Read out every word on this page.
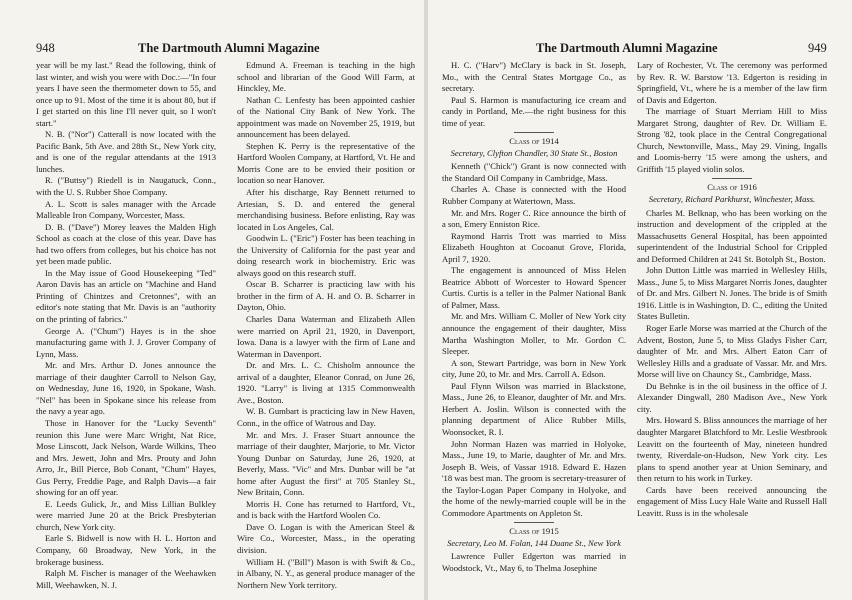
948	The Dartmouth Alumni Magazine

year will be my last." Read the following, think of last winter, and wish you were with Doc.:—"In four years I have seen the thermometer down to 55, and once up to 91. Most of the time it is about 80, but if I get started on this line I'll never quit, so I won't start."

N. B. ("Nor") Catterall is now located with the Pacific Bank, 5th Ave. and 28th St., New York city, and is one of the regular attendants at the 1913 lunches.

R. ("Buttsy") Riedell is in Naugatuck, Conn., with the U. S. Rubber Shoe Company.

A. L. Scott is sales manager with the Arcade Malleable Iron Company, Worcester, Mass.

D. B. ("Dave") Morey leaves the Malden High School as coach at the close of this year. Dave has had two offers from colleges, but his choice has not yet been made public.

In the May issue of Good Housekeeping "Ted" Aaron Davis has an article on "Machine and Hand Printing of Chintzes and Cretonnes", with an editor's note stating that Mr. Davis is an "authority on the printing of fabrics."

George A. ("Chum") Hayes is in the shoe manufacturing game with J. J. Grover Company of Lynn, Mass.

Mr. and Mrs. Arthur D. Jones announce the marriage of their daughter Carroll to Nelson Gay, on Wednesday, June 16, 1920, in Spokane, Wash. "Nel" has been in Spokane since his release from the navy a year ago.

Those in Hanover for the "Lucky Seventh" reunion this June were Marc Wright, Nat Rice, Mose Linscott, Jack Nelson, Warde Wilkins, Theo and Mrs. Jewett, John and Mrs. Prouty and John Arro, Jr., Bill Pierce, Bob Conant, "Chum" Hayes, Gus Perry, Freddie Page, and Ralph Davis—a fair showing for an off year.

E. Leeds Gulick, Jr., and Miss Lillian Bulkley were married June 20 at the Brick Presbyterian church, New York city.

Earle S. Bidwell is now with H. L. Horton and Company, 60 Broadway, New York, in the brokerage business.

Ralph M. Fischer is manager of the Weehawken Mill, Weehawken, N. J.

Edmund A. Freeman is teaching in the high school and librarian of the Good Will Farm, at Hinckley, Me.

Nathan C. Lenfesty has been appointed cashier of the National City Bank of New York. The appointment was made on November 25, 1919, but announcement has been delayed.

Stephen K. Perry is the representative of the Hartford Woolen Company, at Hartford, Vt. He and Morris Cone are to be envied their position or location so near Hanover.

After his discharge, Ray Bennett returned to Artesian, S. D. and entered the general merchandising business. Before enlisting, Ray was located in Los Angeles, Cal.

Goodwin L. ("Eric") Foster has been teaching in the University of California for the past year and doing research work in biochemistry. Eric was always good on this research stuff.

Oscar B. Scharrer is practicing law with his brother in the firm of A. H. and O. B. Scharrer in Dayton, Ohio.

Charles Dana Waterman and Elizabeth Allen were married on April 21, 1920, in Davenport, Iowa. Dana is a lawyer with the firm of Lane and Waterman in Davenport.

Dr. and Mrs. L. C. Chisholm announce the arrival of a daughter, Eleanor Conrad, on June 26, 1920. "Larry" is living at 1315 Commonwealth Ave., Boston.

W. B. Gumbart is practicing law in New Haven, Conn., in the office of Watrous and Day.

Mr. and Mrs. J. Fraser Stuart announce the marriage of their daughter, Marjorie, to Mr. Victor Young Dunbar on Saturday, June 26, 1920, at Beverly, Mass. "Vic" and Mrs. Dunbar will be "at home after August the first" at 705 Stanley St., New Britain, Conn.

Morris H. Cone has returned to Hartford, Vt., and is back with the Hartford Woolen Co.

Dave O. Logan is with the American Steel & Wire Co., Worcester, Mass., in the operating division.

William H. ("Bill") Mason is with Swift & Co., in Albany, N. Y., as general produce manager of the Northern New York territory.

The Dartmouth Alumni Magazine	949

H. C. ("Harv") McClary is back in St. Joseph, Mo., with the Central States Mortgage Co., as secretary.

Paul S. Harmon is manufacturing ice cream and candy in Portland, Me.—the right business for this time of year.

Class of 1914

Secretary, Clyfton Chandler, 30 State St., Boston

Kenneth ("Chick") Grant is now connected with the Standard Oil Company in Cambridge, Mass.

Charles A. Chase is connected with the Hood Rubber Company at Watertown, Mass.

Mr. and Mrs. Roger C. Rice announce the birth of a son, Emery Enniston Rice.

Raymond Harris Trott was married to Miss Elizabeth Houghton at Cocoanut Grove, Florida, April 7, 1920.

The engagement is announced of Miss Helen Beatrice Abbott of Worcester to Howard Spencer Curtis. Curtis is a teller in the Palmer National Bank of Palmer, Mass.

Mr. and Mrs. William C. Moller of New York city announce the engagement of their daughter, Miss Martha Washington Moller, to Mr. Gordon C. Sleeper.

A son, Stewart Partridge, was born in New York city, June 20, to Mr. and Mrs. Carroll A. Edson.

Paul Flynn Wilson was married in Blackstone, Mass., June 26, to Eleanor, daughter of Mr. and Mrs. Herbert A. Joslin. Wilson is connected with the planning department of Alice Rubber Mills, Woonsocket, R. I.

John Norman Hazen was married in Holyoke, Mass., June 19, to Marie, daughter of Mr. and Mrs. Joseph B. Weis, of Vassar 1918. Edward E. Hazen '18 was best man. The groom is secretary-treasurer of the Taylor-Logan Paper Company in Holyoke, and the home of the newly-married couple will be in the Commodore Apartments on Appleton St.

Class of 1915

Secretary, Leo M. Folan, 144 Duane St., New York

Lawrence Fuller Edgerton was married in Woodstock, Vt., May 6, to Thelma Josephine

Lary of Rochester, Vt. The ceremony was performed by Rev. R. W. Barstow '13. Edgerton is residing in Springfield, Vt., where he is a member of the law firm of Davis and Edgerton.

The marriage of Stuart Merriam Hill to Miss Margaret Strong, daughter of Rev. Dr. William E. Strong '82, took place in the Central Congregational Church, Newtonville, Mass., May 29. Vining, Ingalls and Loomis-berry '15 were among the ushers, and Griffith '15 played violin solos.

Class of 1916

Secretary, Richard Parkhurst, Winchester, Mass.

Charles M. Belknap, who has been working on the instruction and development of the crippled at the Massachusetts General Hospital, has been appointed superintendent of the Industrial School for Crippled and Deformed Children at 241 St. Botolph St., Boston.

John Dutton Little was married in Wellesley Hills, Mass., June 5, to Miss Margaret Norris Jones, daughter of Dr. and Mrs. Gilbert N. Jones. The bride is of Smith 1916. Little is in Washington, D. C., editing the United States Bulletin.

Roger Earle Morse was married at the Church of the Advent, Boston, June 5, to Miss Gladys Fisher Carr, daughter of Mr. and Mrs. Albert Eaton Carr of Wellesley Hills and a graduate of Vassar. Mr. and Mrs. Morse will live on Chauncy St., Cambridge, Mass.

Du Behnke is in the oil business in the office of J. Alexander Dingwall, 280 Madison Ave., New York city.

Mrs. Howard S. Bliss announces the marriage of her daughter Margaret Blatchford to Mr. Leslie Westbrook Leavitt on the fourteenth of May, nineteen hundred twenty, Riverdale-on-Hudson, New York city. Les plans to spend another year at Union Seminary, and then return to his work in Turkey.

Cards have been received announcing the engagement of Miss Lucy Hale Waite and Russell Hall Leavitt. Russ is in the wholesale
